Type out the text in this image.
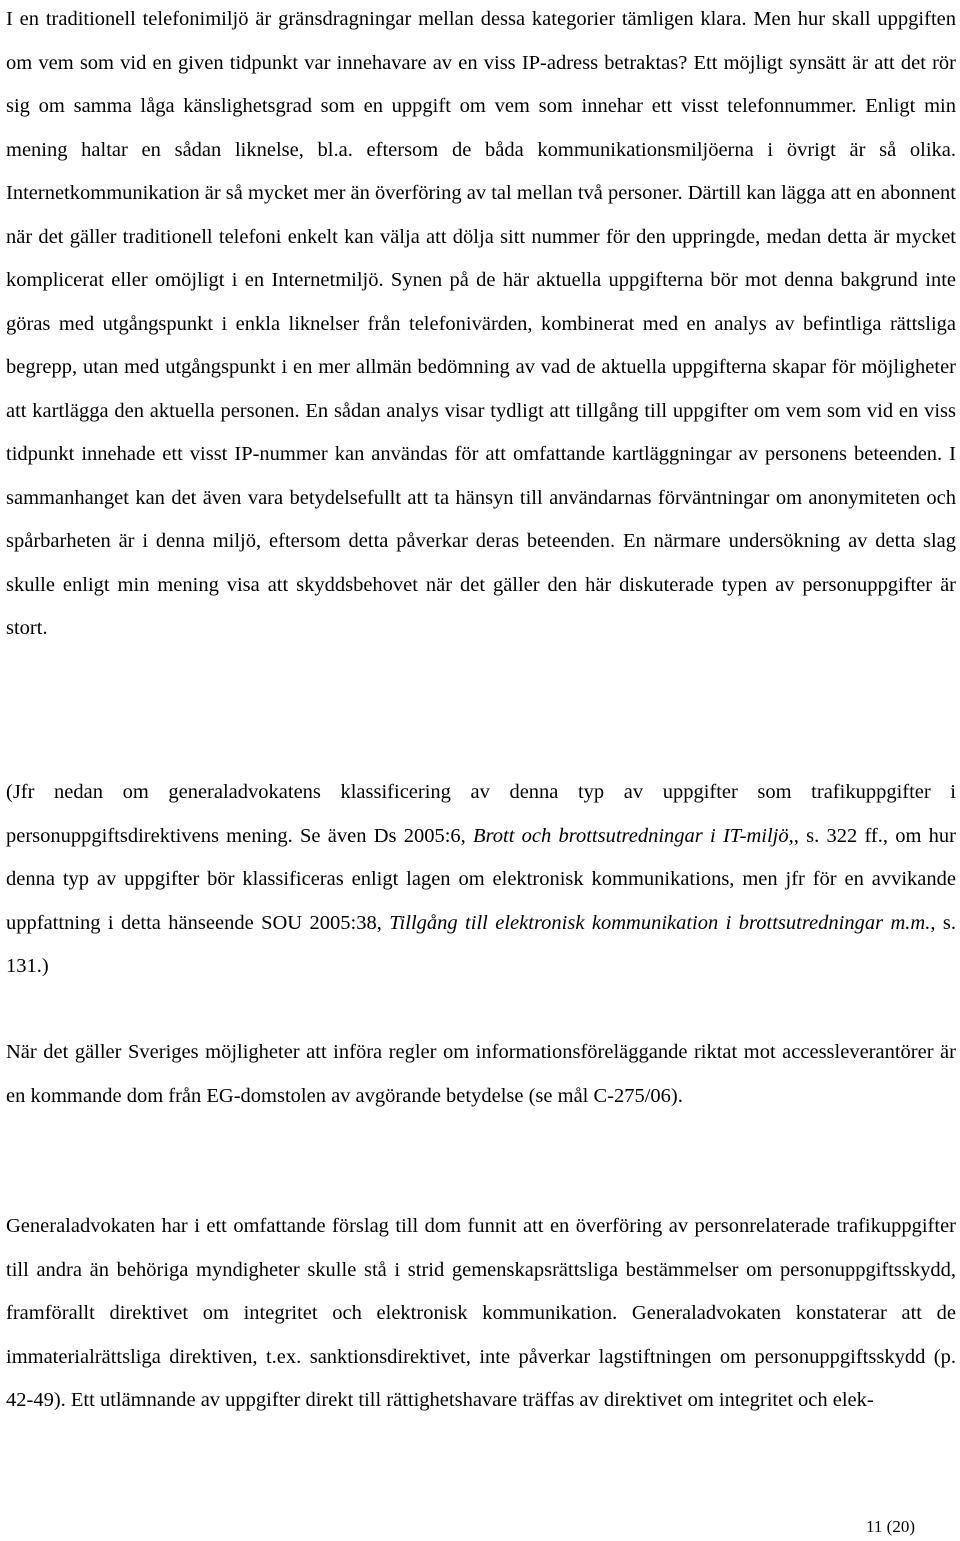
I en traditionell telefonimiljö är gränsdragningar mellan dessa kategorier tämligen klara. Men hur skall uppgiften om vem som vid en given tidpunkt var innehavare av en viss IP-adress betraktas? Ett möjligt synsätt är att det rör sig om samma låga känslighetsgrad som en uppgift om vem som innehar ett visst telefonnummer. Enligt min mening haltar en sådan liknelse, bl.a. eftersom de båda kommunikationsmiljöerna i övrigt är så olika. Internetkommunikation är så mycket mer än överföring av tal mellan två personer. Därtill kan lägga att en abonnent när det gäller traditionell telefoni enkelt kan välja att dölja sitt nummer för den uppringde, medan detta är mycket komplicerat eller omöjligt i en Internetmiljö. Synen på de här aktuella uppgifterna bör mot denna bakgrund inte göras med utgångspunkt i enkla liknelser från telefonivärden, kombinerat med en analys av befintliga rättsliga begrepp, utan med utgångspunkt i en mer allmän bedömning av vad de aktuella uppgifterna skapar för möjligheter att kartlägga den aktuella personen. En sådan analys visar tydligt att tillgång till uppgifter om vem som vid en viss tidpunkt innehade ett visst IP-nummer kan användas för att omfattande kartläggningar av personens beteenden. I sammanhanget kan det även vara betydelsefullt att ta hänsyn till användarnas förväntningar om anonymiteten och spårbarheten är i denna miljö, eftersom detta påverkar deras beteenden. En närmare undersökning av detta slag skulle enligt min mening visa att skyddsbehovet när det gäller den här diskuterade typen av personuppgifter är stort.

(Jfr nedan om generaladvokatens klassificering av denna typ av uppgifter som trafikuppgifter i personuppgiftsdirektivens mening. Se även Ds 2005:6, Brott och brottsutredningar i IT-miljö,, s. 322 ff., om hur denna typ av uppgifter bör klassificeras enligt lagen om elektronisk kommunikations, men jfr för en avvikande uppfattning i detta hänseende SOU 2005:38, Tillgång till elektronisk kommunikation i brottsutredningar m.m., s. 131.)

När det gäller Sveriges möjligheter att införa regler om informationsföreläggande riktat mot accessleverantörer är en kommande dom från EG-domstolen av avgörande betydelse (se mål C-275/06).

Generaladvokaten har i ett omfattande förslag till dom funnit att en överföring av personrelaterade trafikuppgifter till andra än behöriga myndigheter skulle stå i strid gemenskapsrättsliga bestämmelser om personuppgiftsskydd, framförallt direktivet om integritet och elektronisk kommunikation. Generaladvokaten konstaterar att de immaterialrättsliga direktiven, t.ex. sanktionsdirektivet, inte påverkar lagstiftningen om personuppgiftsskydd (p. 42-49). Ett utlämnande av uppgifter direkt till rättighetshavare träffas av direktivet om integritet och elek-

11 (20)
